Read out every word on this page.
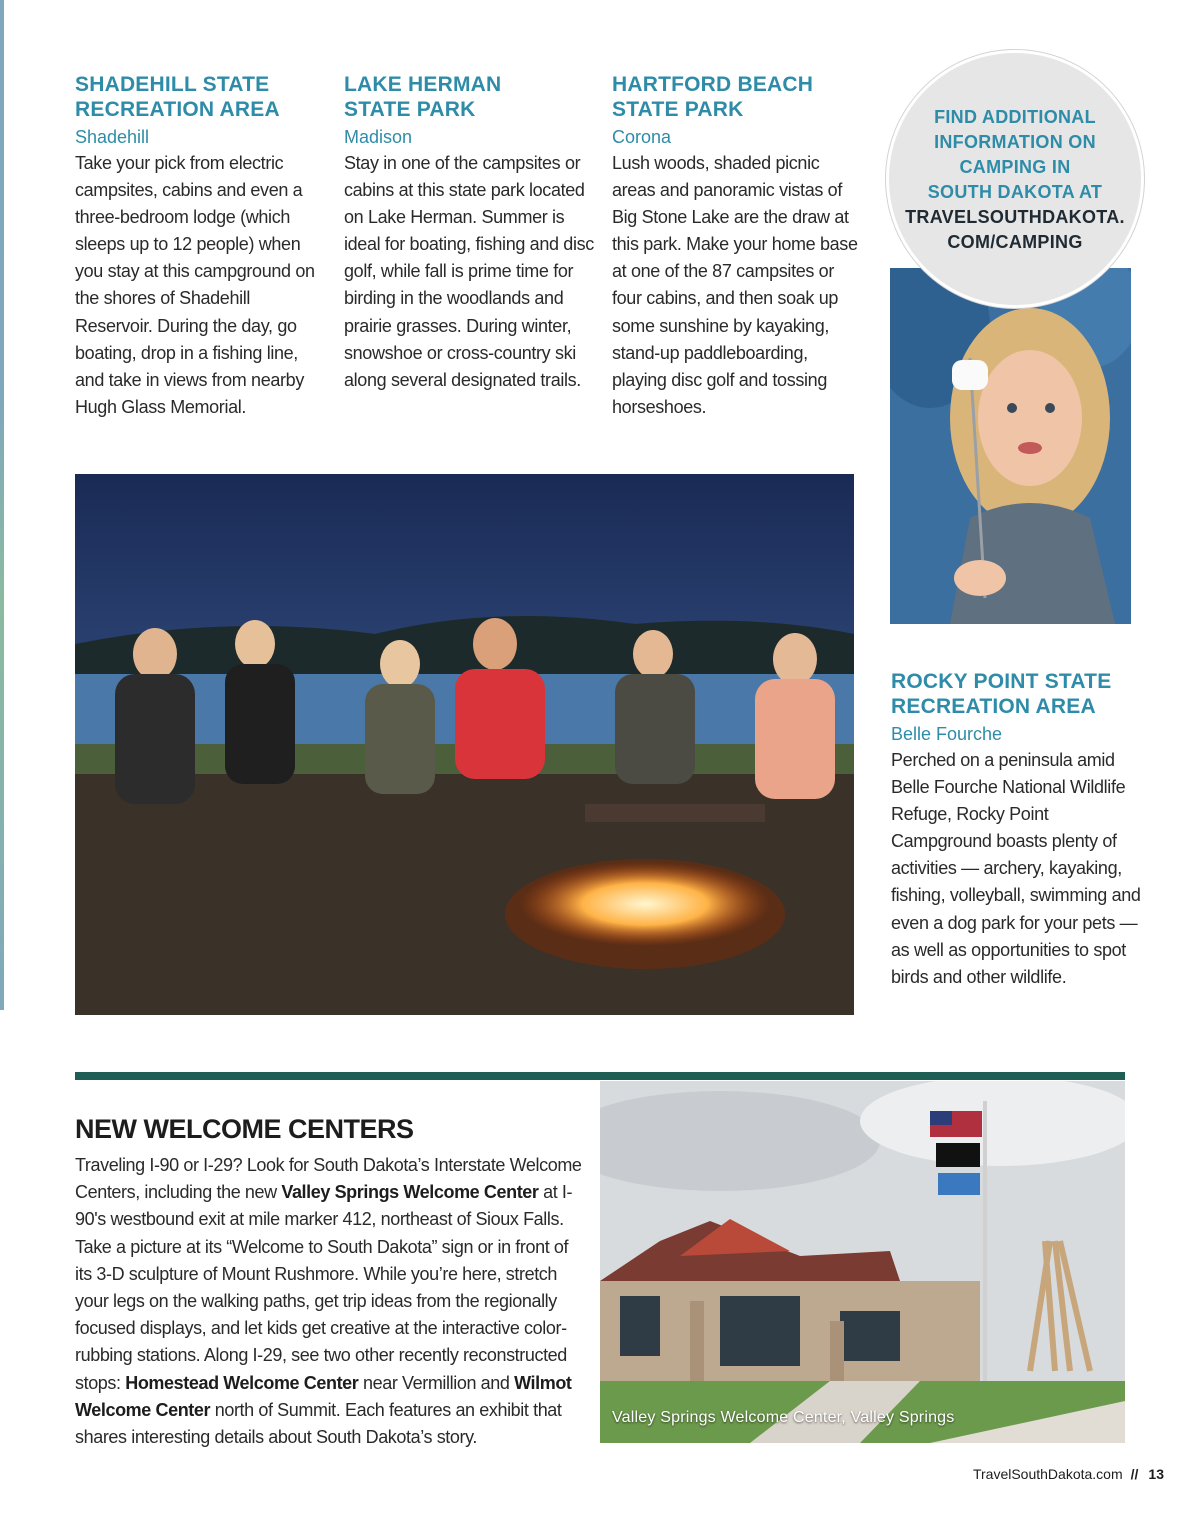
SHADEHILL STATE
RECREATION AREA
Shadehill

Take your pick from electric campsites, cabins and even a three-bedroom lodge (which sleeps up to 12 people) when you stay at this campground on the shores of Shadehill Reservoir. During the day, go boating, drop in a fishing line, and take in views from nearby Hugh Glass Memorial.

LAKE HERMAN
STATE PARK
Madison

Stay in one of the campsites or cabins at this state park located on Lake Herman. Summer is ideal for boating, fishing and disc golf, while fall is prime time for birding in the woodlands and prairie grasses. During winter, snowshoe or cross-country ski along several designated trails.

HARTFORD BEACH
STATE PARK
Corona

Lush woods, shaded picnic areas and panoramic vistas of Big Stone Lake are the draw at this park. Make your home base at one of the 87 campsites or four cabins, and then soak up some sunshine by kayaking, stand-up paddleboarding, playing disc golf and tossing horseshoes.

FIND ADDITIONAL
INFORMATION ON
CAMPING IN
SOUTH DAKOTA AT
TRAVELSOUTHDAKOTA.
COM/CAMPING
ROCKY POINT STATE
RECREATION AREA
Belle Fourche

Perched on a peninsula amid Belle Fourche National Wildlife Refuge, Rocky Point Campground boasts plenty of activities — archery, kayaking, fishing, volleyball, swimming and even a dog park for your pets — as well as opportunities to spot birds and other wildlife.

NEW WELCOME CENTERS

Traveling I-90 or I-29? Look for South Dakota’s Interstate Welcome Centers, including the new Valley Springs Welcome Center at I-90's westbound exit at mile marker 412, northeast of Sioux Falls. Take a picture at its “Welcome to South Dakota” sign or in front of its 3-D sculpture of Mount Rushmore. While you’re here, stretch your legs on the walking paths, get trip ideas from the regionally focused displays, and let kids get creative at the interactive color-rubbing stations. Along I-29, see two other recently reconstructed stops: Homestead Welcome Center near Vermillion and Wilmot Welcome Center north of Summit. Each features an exhibit that shares interesting details about South Dakota’s story.

Valley Springs Welcome Center, Valley Springs
TravelSouthDakota.com // 13
